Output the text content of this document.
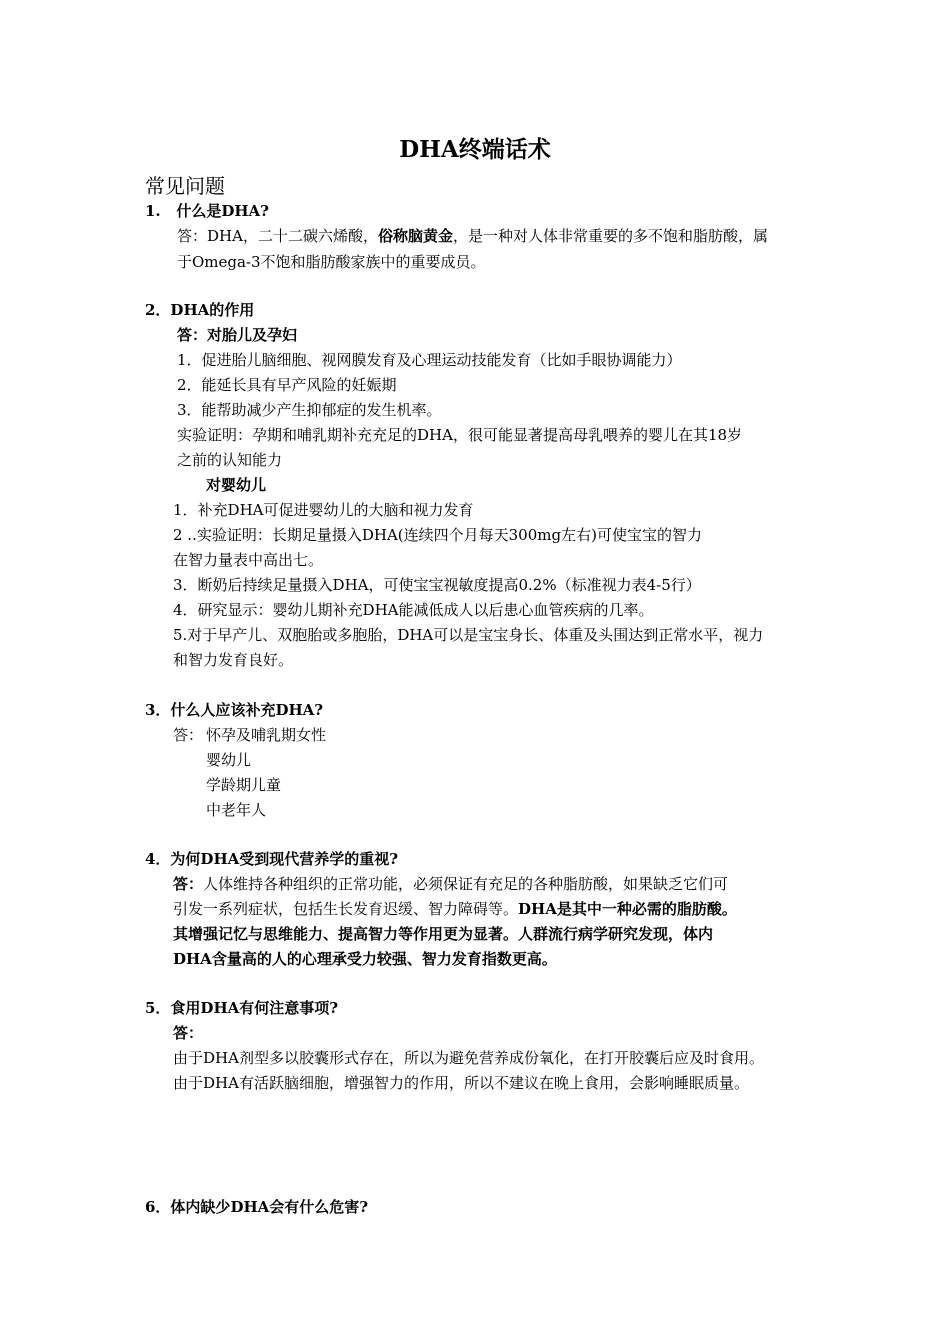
DHA终端话术
常见问题
1.   什么是DHA?
答：DHA，二十二碳六烯酸，俗称脑黄金，是一种对人体非常重要的多不饱和脂肪酸，属
于Omega-3不饱和脂肪酸家族中的重要成员。
2．DHA的作用
答：对胎儿及孕妇
1．促进胎儿脑细胞、视网膜发育及心理运动技能发育（比如手眼协调能力）
2．能延长具有早产风险的妊娠期
3．能帮助减少产生抑郁症的发生机率。
实验证明：孕期和哺乳期补充充足的DHA，很可能显著提高母乳喂养的婴儿在其18岁
之前的认知能力
对婴幼儿
1．补充DHA可促进婴幼儿的大脑和视力发育
2 ..实验证明：长期足量摄入DHA(连续四个月每天300mg左右)可使宝宝的智力
在智力量表中高出七。
3．断奶后持续足量摄入DHA，可使宝宝视敏度提高0.2%（标准视力表4-5行）
4．研究显示：婴幼儿期补充DHA能减低成人以后患心血管疾病的几率。
5.对于早产儿、双胞胎或多胞胎，DHA可以是宝宝身长、体重及头围达到正常水平，视力
和智力发育良好。
3．什么人应该补充DHA?
答： 怀孕及哺乳期女性
婴幼儿
学龄期儿童
中老年人
4．为何DHA受到现代营养学的重视?
答：人体维持各种组织的正常功能，必须保证有充足的各种脂肪酸，如果缺乏它们可
引发一系列症状，包括生长发育迟缓、智力障碍等。DHA是其中一种必需的脂肪酸。
其增强记忆与思维能力、提高智力等作用更为显著。人群流行病学研究发现，体内
DHA含量高的人的心理承受力较强、智力发育指数更高。
5．食用DHA有何注意事项?
答：
由于DHA剂型多以胶囊形式存在，所以为避免营养成份氧化，在打开胶囊后应及时食用。
由于DHA有活跃脑细胞，增强智力的作用，所以不建议在晚上食用，会影响睡眠质量。
6．体内缺少DHA会有什么危害?
